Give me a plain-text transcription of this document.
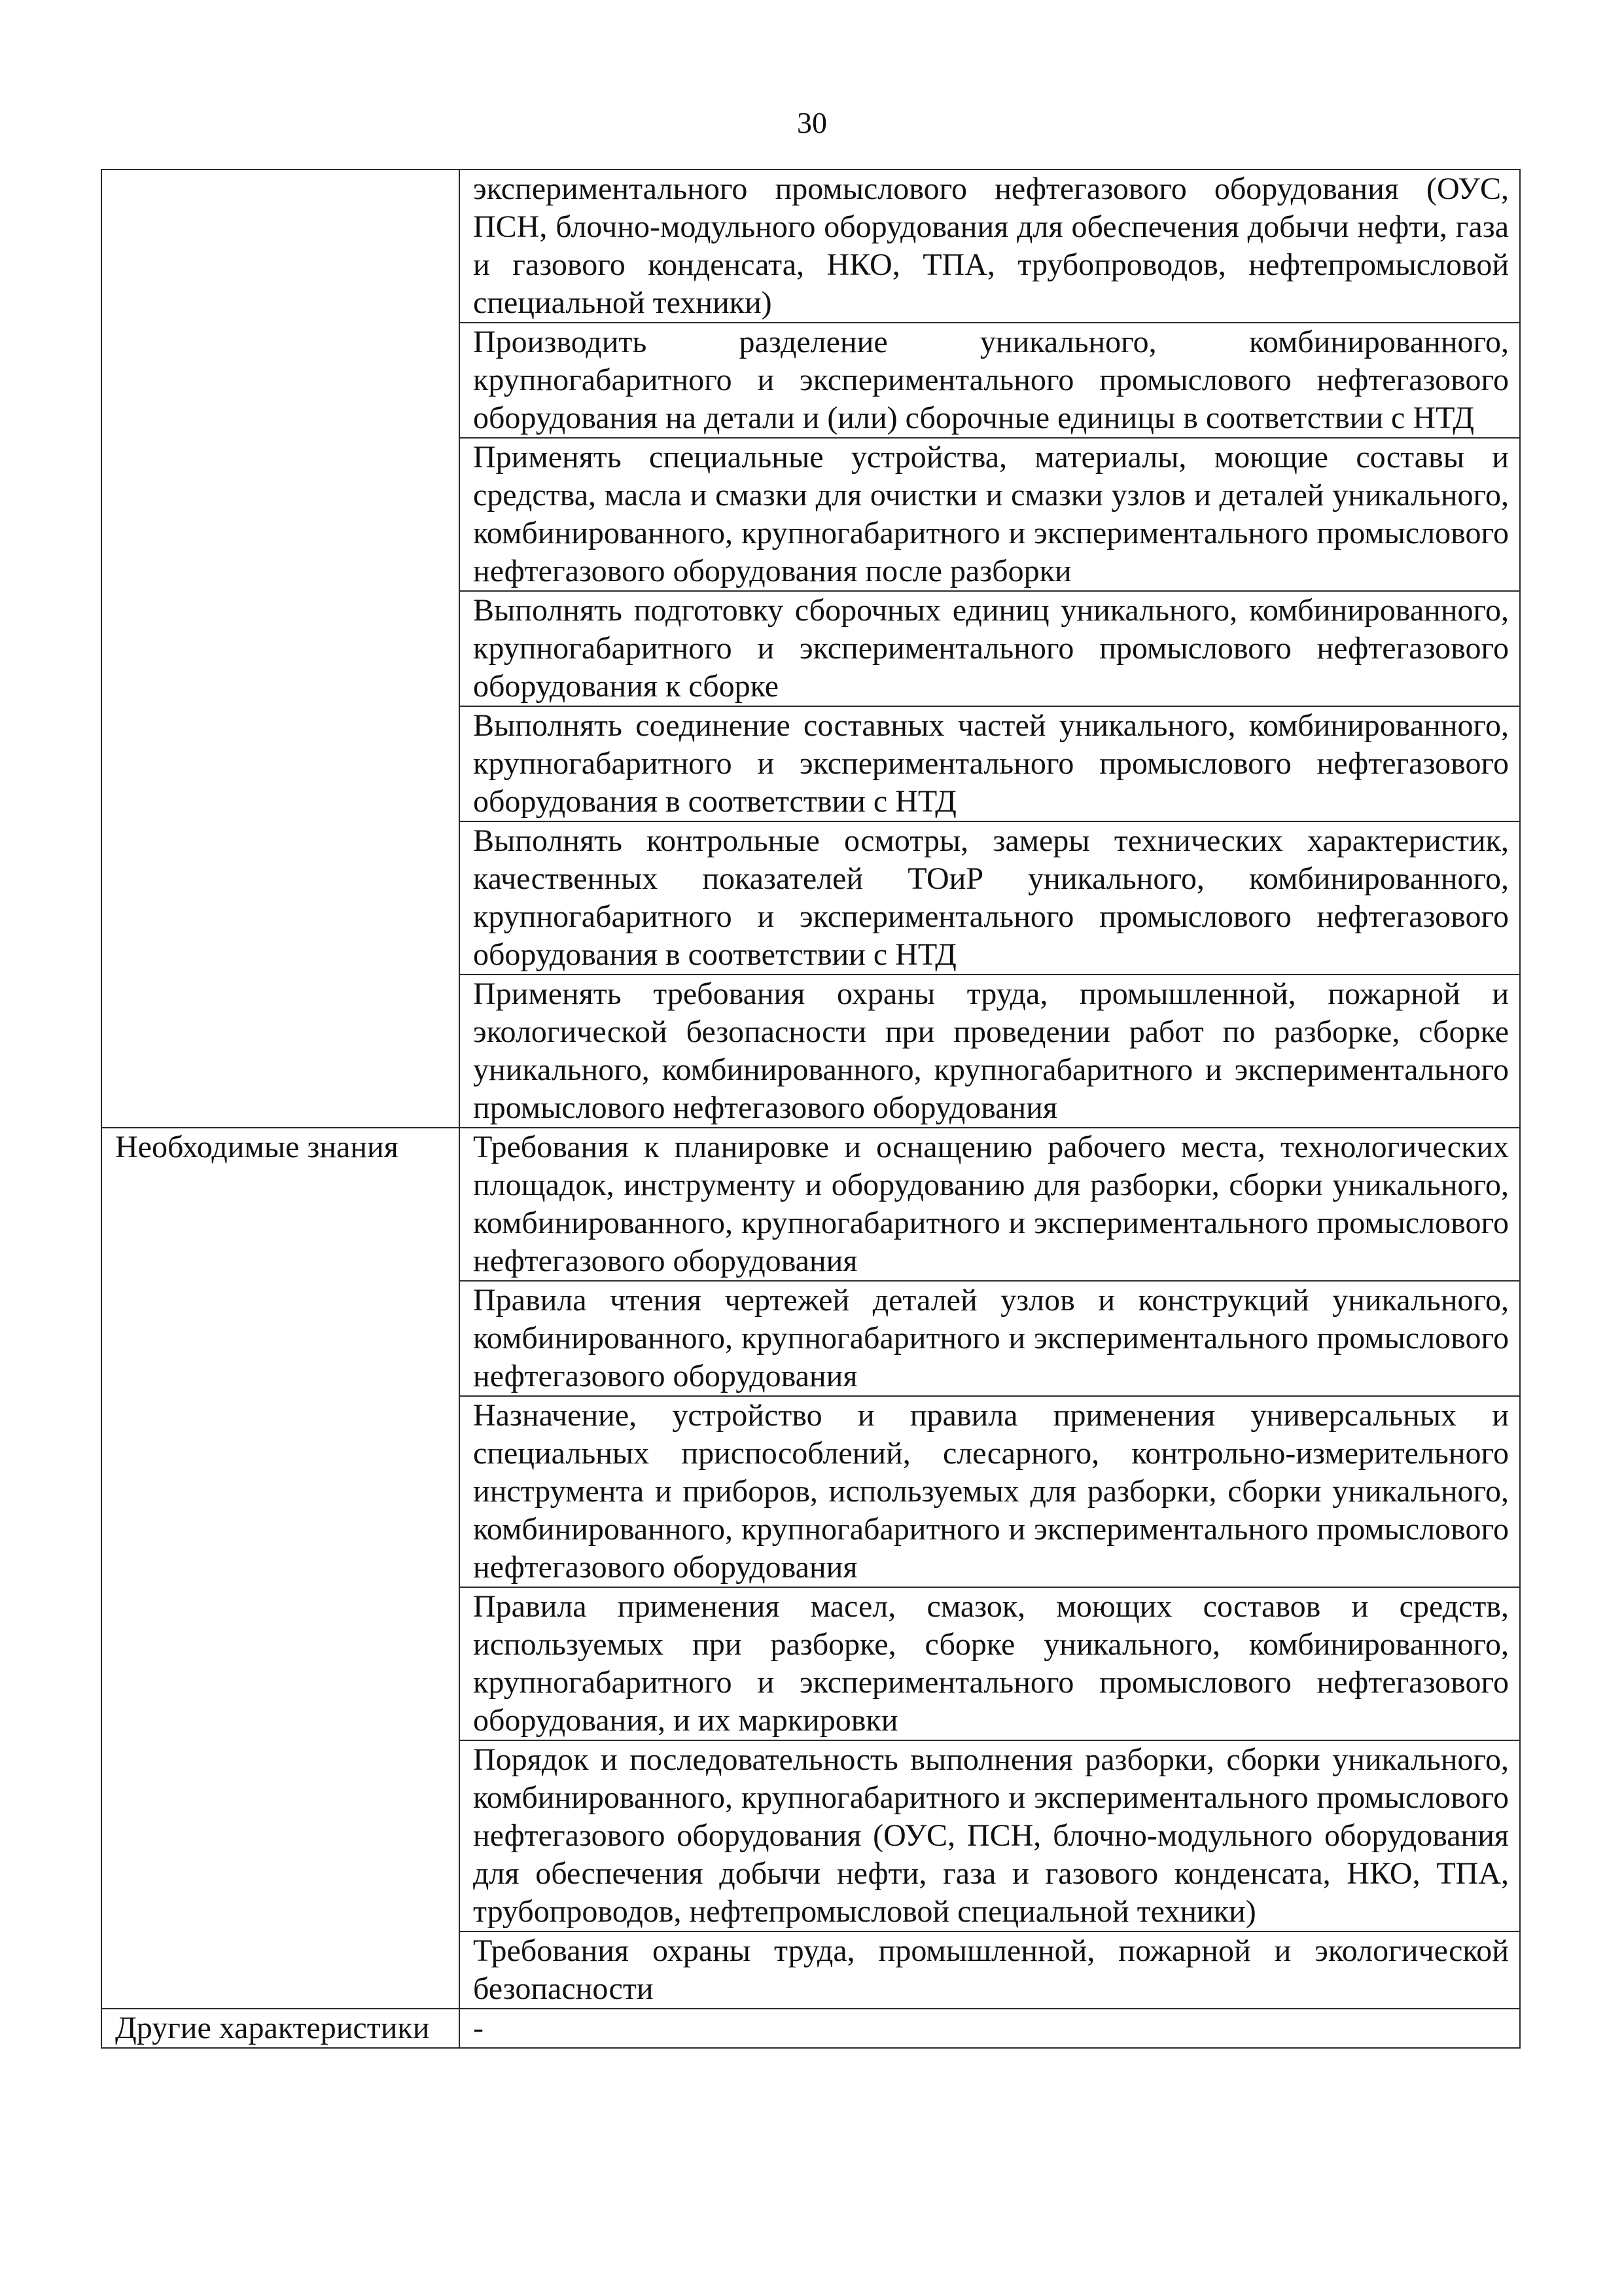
30
	экспериментального промыслового нефтегазового оборудования (ОУС, ПСН, блочно-модульного оборудования для обеспечения добычи нефти, газа и газового конденсата, НКО, ТПА, трубопроводов, нефтепромысловой специальной техники)
	Производить разделение уникального, комбинированного, крупногабаритного и экспериментального промыслового нефтегазового оборудования на детали и (или) сборочные единицы в соответствии с НТД
	Применять специальные устройства, материалы, моющие составы и средства, масла и смазки для очистки и смазки узлов и деталей уникального, комбинированного, крупногабаритного и экспериментального промыслового нефтегазового оборудования после разборки
	Выполнять подготовку сборочных единиц уникального, комбинированного, крупногабаритного и экспериментального промыслового нефтегазового оборудования к сборке
	Выполнять соединение составных частей уникального, комбинированного, крупногабаритного и экспериментального промыслового нефтегазового оборудования в соответствии с НТД
	Выполнять контрольные осмотры, замеры технических характеристик, качественных показателей ТОиР уникального, комбинированного, крупногабаритного и экспериментального промыслового нефтегазового оборудования в соответствии с НТД
	Применять требования охраны труда, промышленной, пожарной и экологической безопасности при проведении работ по разборке, сборке уникального, комбинированного, крупногабаритного и экспериментального промыслового нефтегазового оборудования
Необходимые знания	Требования к планировке и оснащению рабочего места, технологических площадок, инструменту и оборудованию для разборки, сборки уникального, комбинированного, крупногабаритного и экспериментального промыслового нефтегазового оборудования
	Правила чтения чертежей деталей узлов и конструкций уникального, комбинированного, крупногабаритного и экспериментального промыслового нефтегазового оборудования
	Назначение, устройство и правила применения универсальных и специальных приспособлений, слесарного, контрольно-измерительного инструмента и приборов, используемых для разборки, сборки уникального, комбинированного, крупногабаритного и экспериментального промыслового нефтегазового оборудования
	Правила применения масел, смазок, моющих составов и средств, используемых при разборке, сборке уникального, комбинированного, крупногабаритного и экспериментального промыслового нефтегазового оборудования, и их маркировки
	Порядок и последовательность выполнения разборки, сборки уникального, комбинированного, крупногабаритного и экспериментального промыслового нефтегазового оборудования (ОУС, ПСН, блочно-модульного оборудования для обеспечения добычи нефти, газа и газового конденсата, НКО, ТПА, трубопроводов, нефтепромысловой специальной техники)
	Требования охраны труда, промышленной, пожарной и экологической безопасности
Другие характеристики	-
